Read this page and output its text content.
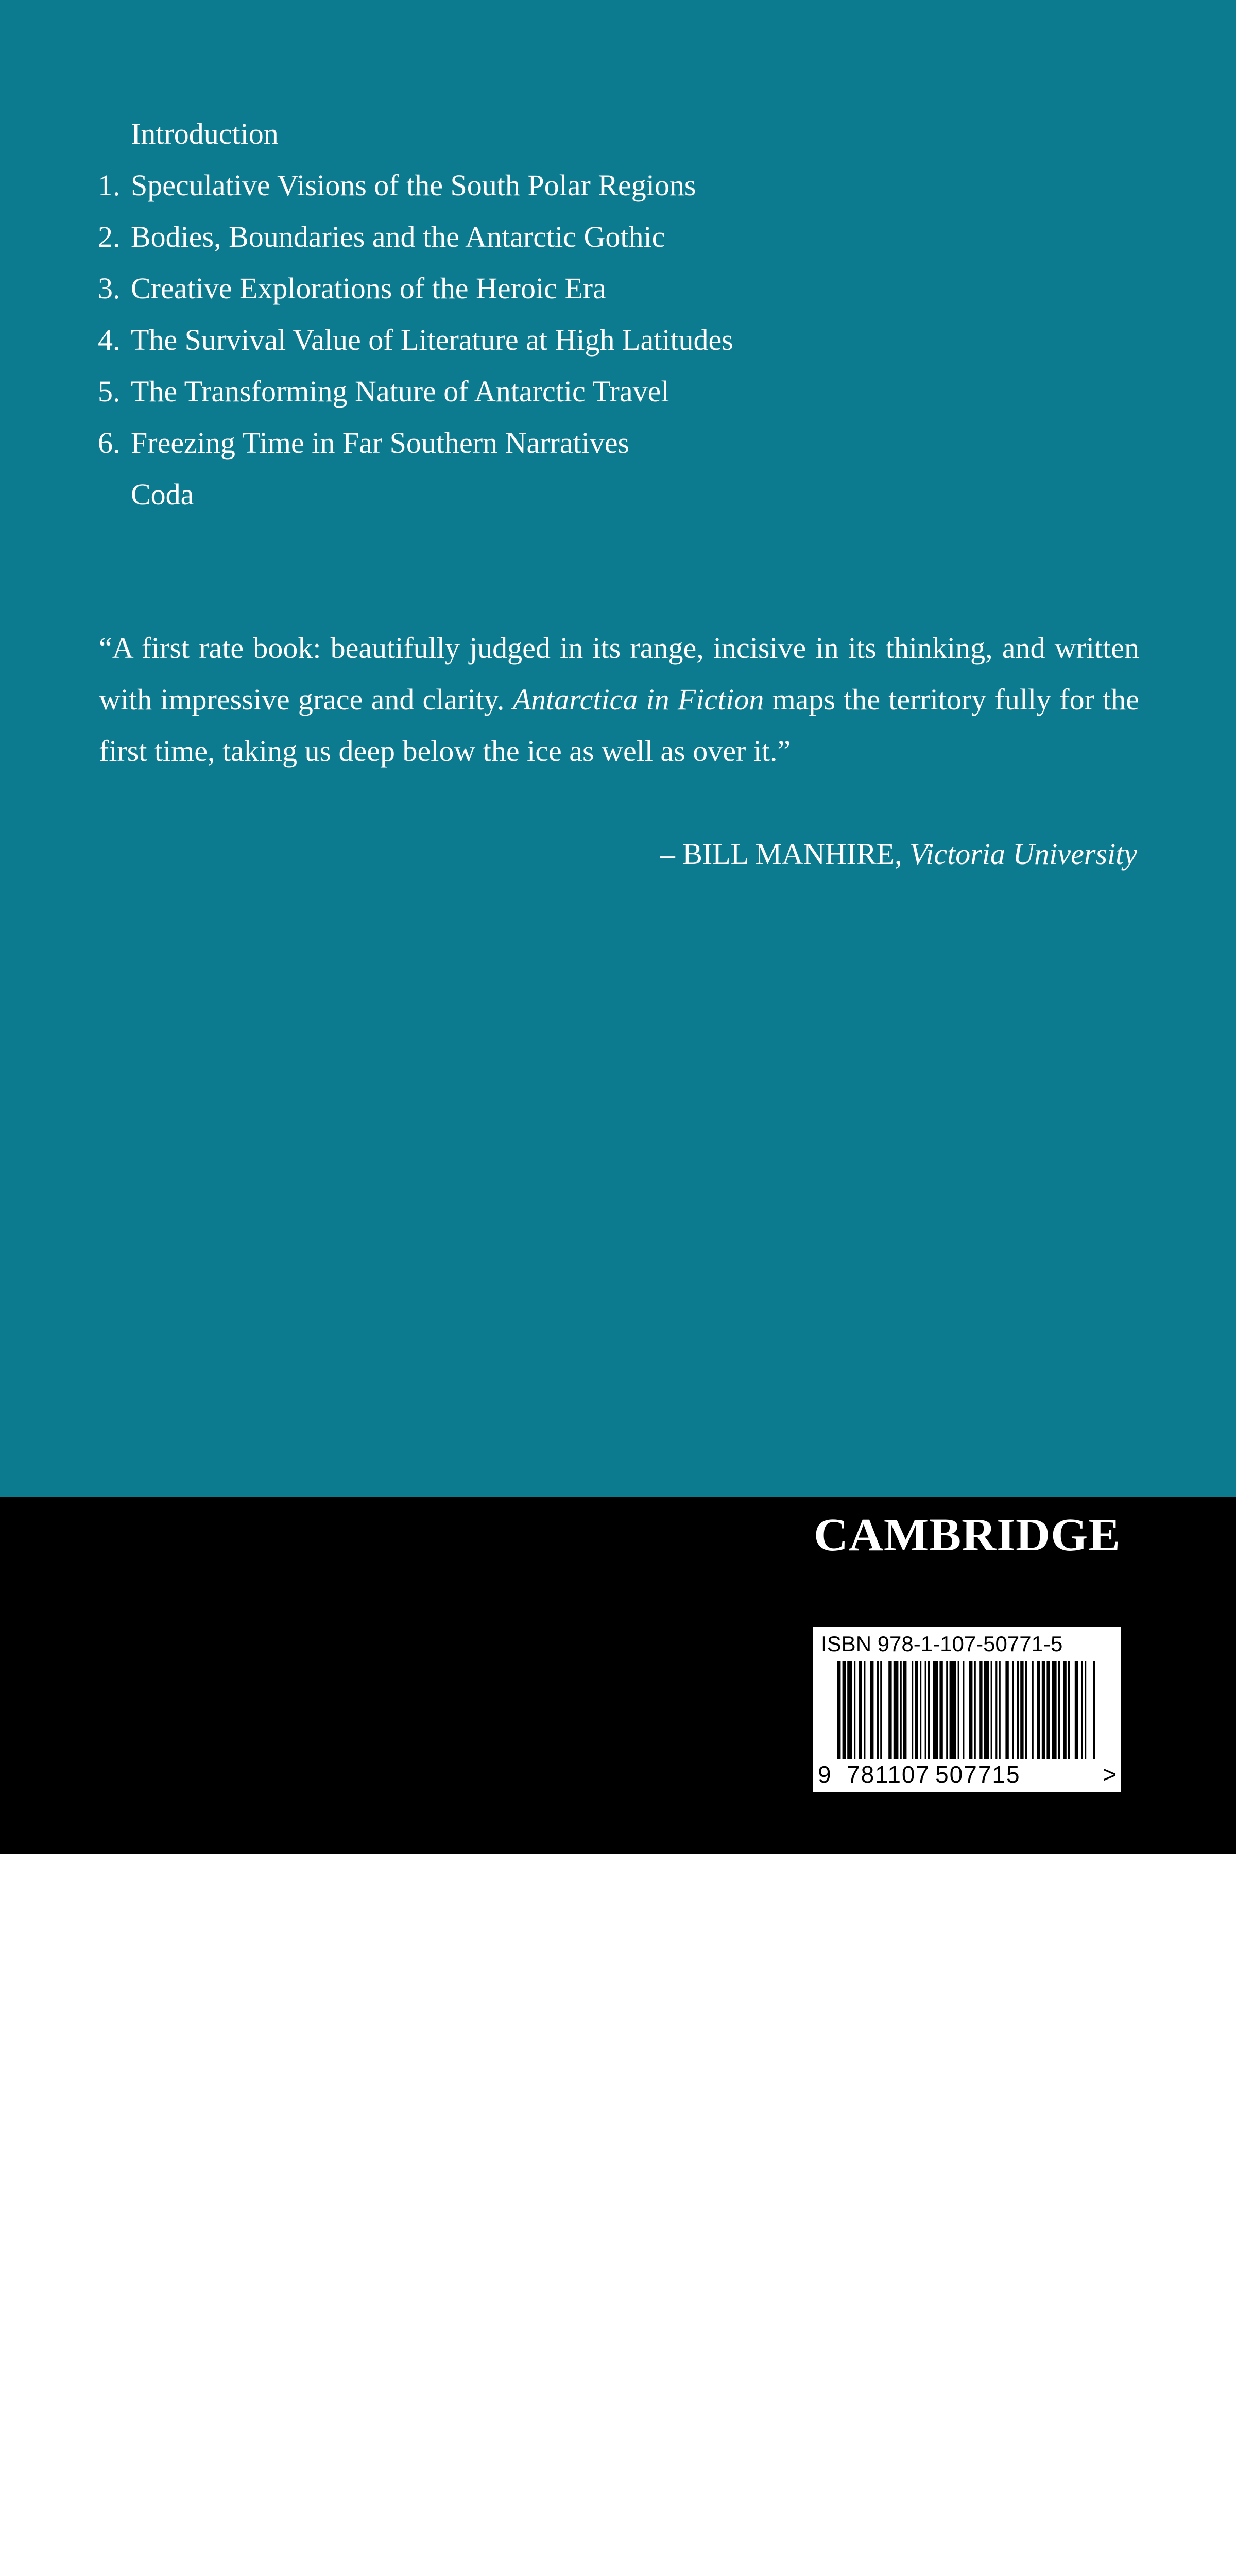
Introduction
1. Speculative Visions of the South Polar Regions
2. Bodies, Boundaries and the Antarctic Gothic
3. Creative Explorations of the Heroic Era
4. The Survival Value of Literature at High Latitudes
5. The Transforming Nature of Antarctic Travel
6. Freezing Time in Far Southern Narratives
Coda

“A first rate book: beautifully judged in its range, incisive in its thinking, and written with impressive grace and clarity. Antarctica in Fiction maps the territory fully for the first time, taking us deep below the ice as well as over it.”

– BILL MANHIRE, Victoria University

CAMBRIDGE
UNIVERSITY PRESS
www.cambridge.org
ISBN 978-1-107-50771-5
9 781107 507715	>
